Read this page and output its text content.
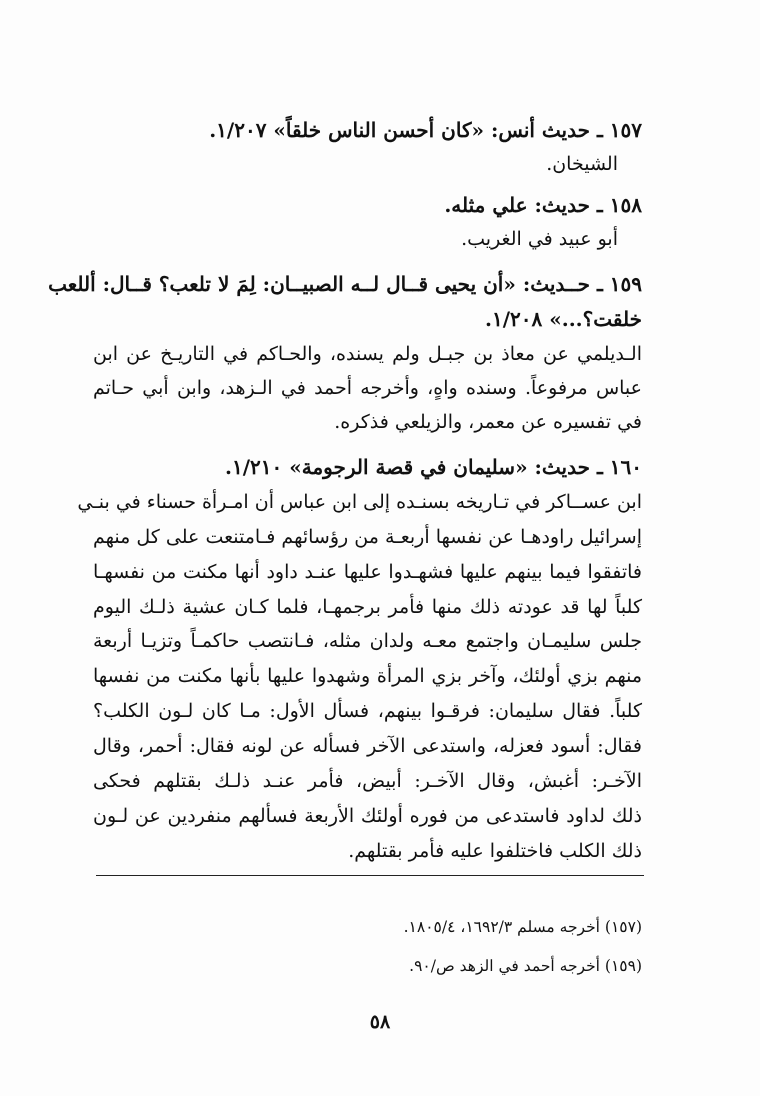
١٥٧ ـ حديث أنس: «كان أحسن الناس خلقاً» ١/٢٠٧.
الشيخان.
١٥٨ ـ حديث: علي مثله.
أبو عبيد في الغريب.
١٥٩ ـ حــديث: «أن يحيى قــال لــه الصبيــان: لِمَ لا تلعب؟ قــال: أللعب
خلقت؟...» ١/٢٠٨.
الـديلمي عن معاذ بن جبـل ولم يسنده، والحـاكم في التاريـخ عن ابن
عباس مرفوعاً. وسنده واهٍ، وأخرجه أحمد في الـزهد، وابن أبي حـاتم
في تفسيره عن معمر، والزيلعي فذكره.
١٦٠ ـ حديث: «سليمان في قصة الرجومة» ١/٢١٠.
ابن عســاكر في تـاريخه بسنـده إلى ابن عباس أن امـرأة حسناء في بنـي
إسرائيل راودهـا عن نفسها أربعـة من رؤسائهم فـامتنعت على كل منهم
فاتفقوا فيما بينهم عليها فشهـدوا عليها عنـد داود أنها مكنت من نفسهـا
كلباً لها قد عودته ذلك منها فأمر برجمهـا، فلما كـان عشية ذلـك اليوم
جلس سليمـان واجتمع معـه ولدان مثله، فـانتصب حاكمـاً وتزيـا أربعة
منهم بزي أولئك، وآخر بزي المرأة وشهدوا عليها بأنها مكنت من نفسها
كلباً. فقال سليمان: فرقـوا بينهم، فسأل الأول: مـا كان لـون الكلب؟
فقال: أسود فعزله، واستدعى الآخر فسأله عن لونه فقال: أحمر، وقال
الآخـر: أغبش، وقال الآخـر: أبيض، فأمر عنـد ذلـك بقتلهم فحكى
ذلك لداود فاستدعى من فوره أولئك الأربعة فسألهم منفردين عن لـون
ذلك الكلب فاختلفوا عليه فأمر بقتلهم.
(١٥٧) أخرجه مسلم ١٦٩٢/٣، ١٨٠٥/٤.
(١٥٩) أخرجه أحمد في الزهد ص/٩٠.
٥٨
